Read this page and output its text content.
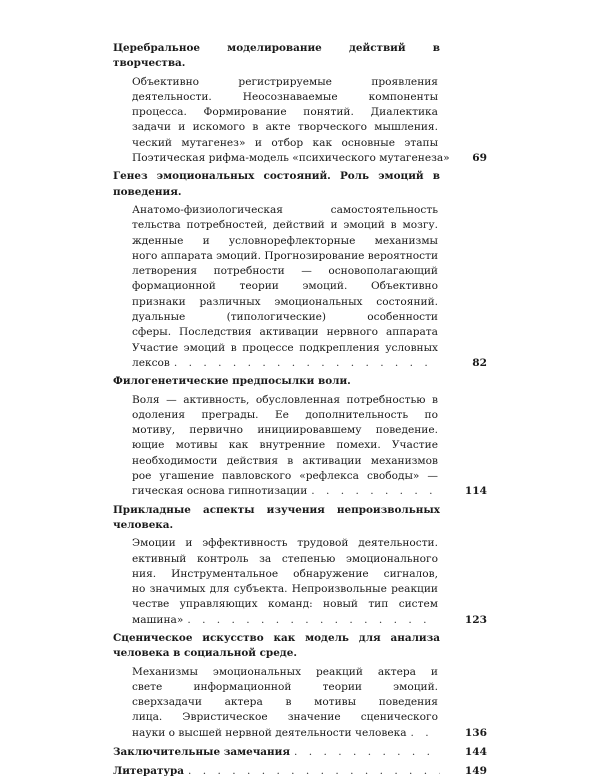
Церебральное моделирование действий в
творчества.
Объективно регистрируемые проявления
деятельности. Неосознаваемые компоненты
процесса. Формирование понятий. Диалектика
задачи и искомого в акте творческого мышления.
ческий мутагенез» и отбор как основные этапы
Поэтическая рифма-модель «психического мутагенеза» 69
Генез эмоциональных состояний. Роль эмоций в
поведения.
Анатомо-физиологическая самостоятельность
тельства потребностей, действий и эмоций в мозгу.
жденные и условнорефлекторные механизмы
ного аппарата эмоций. Прогнозирование вероятности
летворения потребности — основополагающий
формационной теории эмоций. Объективно
признаки различных эмоциональных состояний.
дуальные (типологические) особенности
сферы. Последствия активации нервного аппарата
Участие эмоций в процессе подкрепления условных
лексов . . .	82
Филогенетические предпосылки воли.
Воля — активность, обусловленная потребностью в
одоления преграды. Ее дополнительность по
мотиву, первично инициировавшему поведение.
ющие мотивы как внутренние помехи. Участие
необходимости действия в активации механизмов
рое угашение павловского «рефлекса свободы» —
гическая основа гипнотизации . . .	114
Прикладные аспекты изучения непроизвольных
человека.
Эмоции и эффективность трудовой деятельности.
ективный контроль за степенью эмоционального
ния. Инструментальное обнаружение сигналов,
но значимых для субъекта. Непроизвольные реакции
честве управляющих команд: новый тип систем
машина» . . .	123
Сценическое искусство как модель для анализа
человека в социальной среде.
Механизмы эмоциональных реакций актера и
свете информационной теории эмоций.
сверхзадачи актера в мотивы поведения
лица. Эвристическое значение сценического
науки о высшей нервной деятельности человека . . .	136
Заключительные замечания . . .	144
Литература . . .	149
